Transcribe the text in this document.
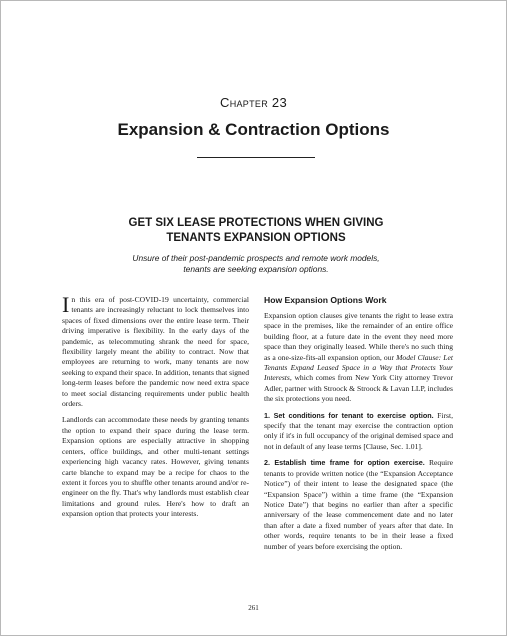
Chapter 23
Expansion & Contraction Options
GET SIX LEASE PROTECTIONS WHEN GIVING
TENANTS EXPANSION OPTIONS
Unsure of their post-pandemic prospects and remote work models,
tenants are seeking expansion options.

In this era of post-COVID-19 uncertainty, commercial tenants are increasingly reluctant to lock themselves into spaces of fixed dimensions over the entire lease term. Their driving imperative is flexibility. In the early days of the pandemic, as telecommuting shrank the need for space, flexibility largely meant the ability to contract. Now that employees are returning to work, many tenants are now seeking to expand their space. In addition, tenants that signed long-term leases before the pandemic now need extra space to meet social distancing requirements under public health orders.

Landlords can accommodate these needs by granting tenants the option to expand their space during the lease term. Expansion options are especially attractive in shopping centers, office buildings, and other multi-tenant settings experiencing high vacancy rates. However, giving tenants carte blanche to expand may be a recipe for chaos to the extent it forces you to shuffle other tenants around and/or re-engineer on the fly. That's why landlords must establish clear limitations and ground rules. Here's how to draft an expansion option that protects your interests.

How Expansion Options Work

Expansion option clauses give tenants the right to lease extra space in the premises, like the remainder of an entire office building floor, at a future date in the event they need more space than they originally leased. While there's no such thing as a one-size-fits-all expansion option, our Model Clause: Let Tenants Expand Leased Space in a Way that Protects Your Interests, which comes from New York City attorney Trevor Adler, partner with Stroock & Stroock & Lavan LLP, includes the six protections you need.

1. Set conditions for tenant to exercise option. First, specify that the tenant may exercise the contraction option only if it's in full occupancy of the original demised space and not in default of any lease terms [Clause, Sec. 1.01].

2. Establish time frame for option exercise. Require tenants to provide written notice (the “Expansion Acceptance Notice”) of their intent to lease the designated space (the “Expansion Space”) within a time frame (the “Expansion Notice Date”) that begins no earlier than after a specific anniversary of the lease commencement date and no later than after a date a fixed number of years after that date. In other words, require tenants to be in their lease a fixed number of years before exercising the option.

261
